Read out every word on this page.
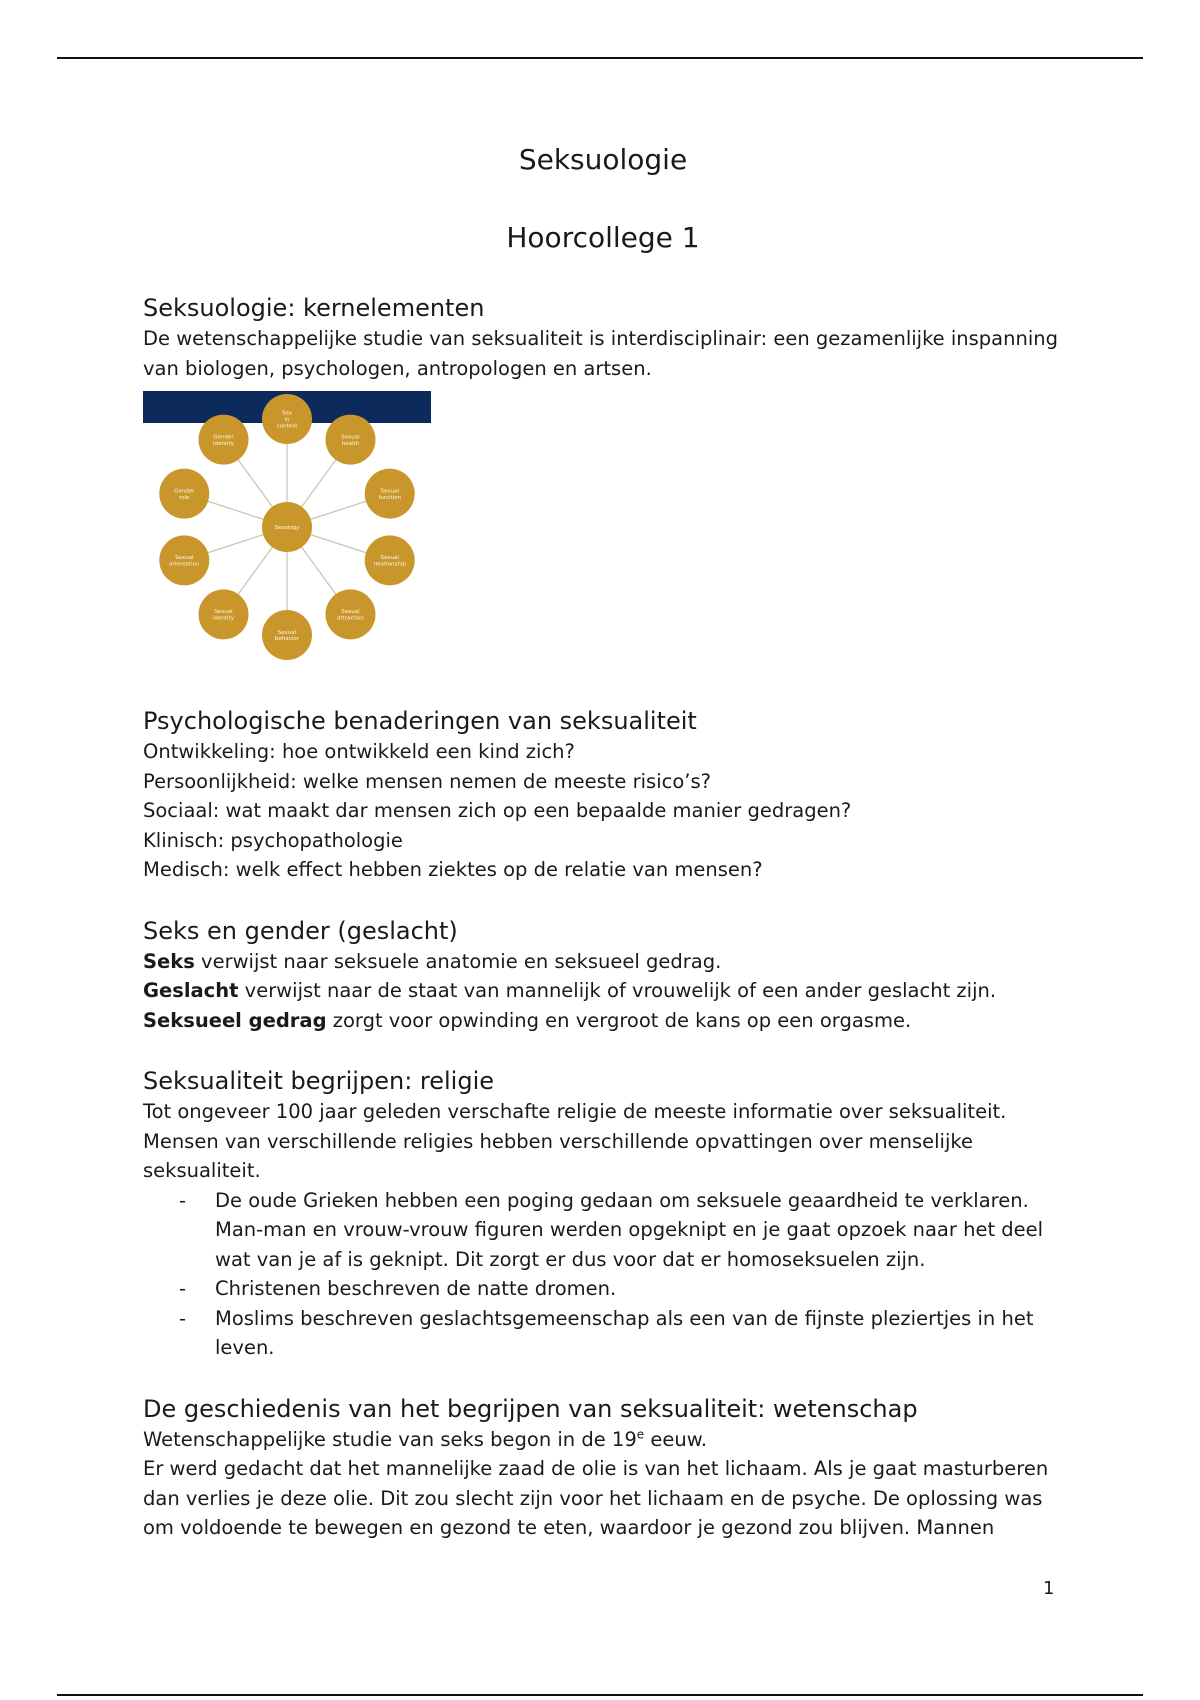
Seksuologie
Hoorcollege 1
Seksuologie: kernelementen

De wetenschappelijke studie van seksualiteit is interdisciplinair: een gezamenlijke inspanning van biologen, psychologen, antropologen en artsen.

Sexology
Sex in context
Sexual health
Sexual function
Sexual relationship
Sexual attraction
Sexual behavior
Sexual identity
Sexual orientation
Gender role
Gender identity
Psychologische benaderingen van seksualiteit

Ontwikkeling: hoe ontwikkeld een kind zich?

Persoonlijkheid: welke mensen nemen de meeste risico’s?

Sociaal: wat maakt dar mensen zich op een bepaalde manier gedragen?

Klinisch: psychopathologie

Medisch: welk effect hebben ziektes op de relatie van mensen?

Seks en gender (geslacht)

Seks verwijst naar seksuele anatomie en seksueel gedrag.

Geslacht verwijst naar de staat van mannelijk of vrouwelijk of een ander geslacht zijn.

Seksueel gedrag zorgt voor opwinding en vergroot de kans op een orgasme.

Seksualiteit begrijpen: religie

Tot ongeveer 100 jaar geleden verschafte religie de meeste informatie over seksualiteit.

Mensen van verschillende religies hebben verschillende opvattingen over menselijke seksualiteit.

- De oude Grieken hebben een poging gedaan om seksuele geaardheid te verklaren. Man-man en vrouw-vrouw figuren werden opgeknipt en je gaat opzoek naar het deel wat van je af is geknipt. Dit zorgt er dus voor dat er homoseksuelen zijn.
- Christenen beschreven de natte dromen.
- Moslims beschreven geslachtsgemeenschap als een van de fijnste pleziertjes in het leven.
De geschiedenis van het begrijpen van seksualiteit: wetenschap

Wetenschappelijke studie van seks begon in de 19e eeuw.

Er werd gedacht dat het mannelijke zaad de olie is van het lichaam. Als je gaat masturberen dan verlies je deze olie. Dit zou slecht zijn voor het lichaam en de psyche. De oplossing was om voldoende te bewegen en gezond te eten, waardoor je gezond zou blijven. Mannen

1
